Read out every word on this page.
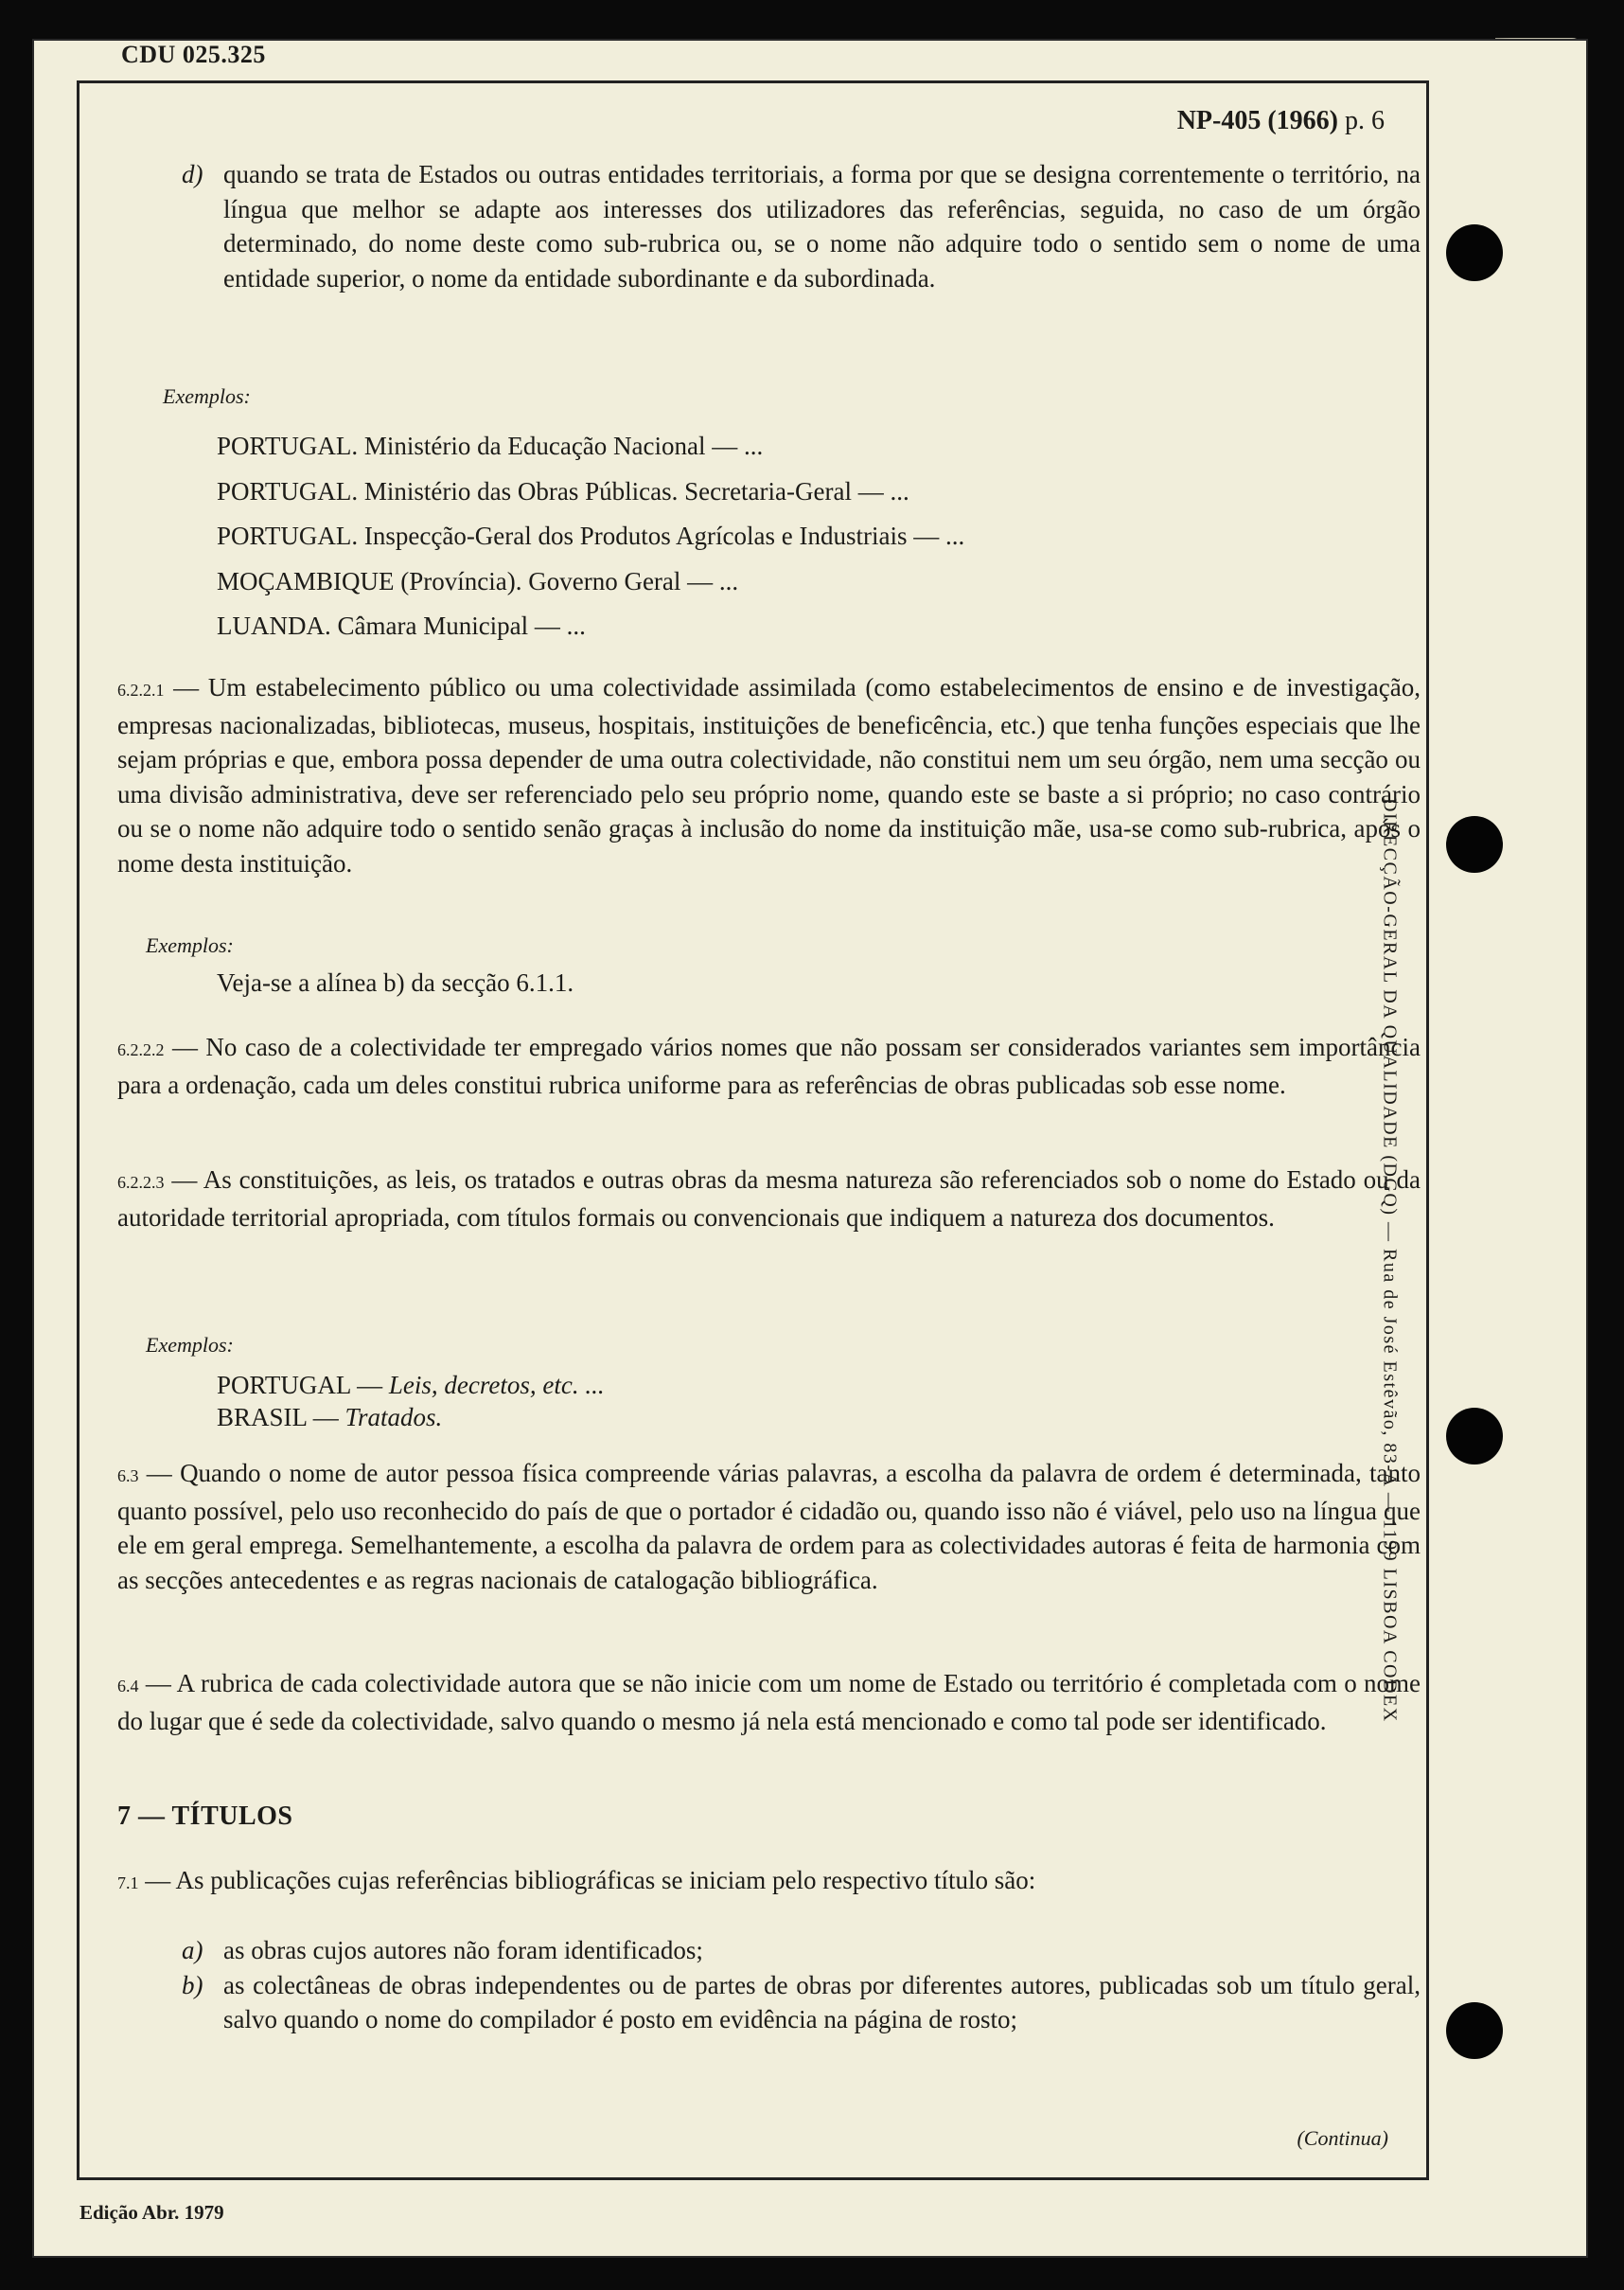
CDU 025.325
NP-405 (1966) p. 6
d) quando se trata de Estados ou outras entidades territoriais, a forma por que se designa correntemente o território, na língua que melhor se adapte aos interesses dos utilizadores das referências, seguida, no caso de um órgão determinado, do nome deste como sub-rubrica ou, se o nome não adquire todo o sentido sem o nome de uma entidade superior, o nome da entidade subordinante e da subordinada.

Exemplos:
PORTUGAL. Ministério da Educação Nacional — ...
PORTUGAL. Ministério das Obras Públicas. Secretaria-Geral — ...
PORTUGAL. Inspecção-Geral dos Produtos Agrícolas e Industriais — ...
MOÇAMBIQUE (Província). Governo Geral — ...
LUANDA. Câmara Municipal — ...

6.2.2.1 — Um estabelecimento público ou uma colectividade assimilada (como estabelecimentos de ensino e de investigação, empresas nacionalizadas, bibliotecas, museus, hospitais, instituições de beneficência, etc.) que tenha funções especiais que lhe sejam próprias e que, embora possa depender de uma outra colectividade, não constitui nem um seu órgão, nem uma secção ou uma divisão administrativa, deve ser referenciado pelo seu próprio nome, quando este se baste a si próprio; no caso contrário ou se o nome não adquire todo o sentido senão graças à inclusão do nome da instituição mãe, usa-se como sub-rubrica, após o nome desta instituição.

Exemplos:
Veja-se a alínea b) da secção 6.1.1.

6.2.2.2 — No caso de a colectividade ter empregado vários nomes que não possam ser considerados variantes sem importância para a ordenação, cada um deles constitui rubrica uniforme para as referências de obras publicadas sob esse nome.

6.2.2.3 — As constituições, as leis, os tratados e outras obras da mesma natureza são referenciados sob o nome do Estado ou da autoridade territorial apropriada, com títulos formais ou convencionais que indiquem a natureza dos documentos.

Exemplos:
PORTUGAL — Leis, decretos, etc. ...
BRASIL — Tratados.

6.3 — Quando o nome de autor pessoa física compreende várias palavras, a escolha da palavra de ordem é determinada, tanto quanto possível, pelo uso reconhecido do país de que o portador é cidadão ou, quando isso não é viável, pelo uso na língua que ele em geral emprega. Semelhantemente, a escolha da palavra de ordem para as colectividades autoras é feita de harmonia com as secções antecedentes e as regras nacionais de catalogação bibliográfica.

6.4 — A rubrica de cada colectividade autora que se não inicie com um nome de Estado ou território é completada com o nome do lugar que é sede da colectividade, salvo quando o mesmo já nela está mencionado e como tal pode ser identificado.

7 — TÍTULOS

7.1 — As publicações cujas referências bibliográficas se iniciam pelo respectivo título são:

a) as obras cujos autores não foram identificados;

b) as colectâneas de obras independentes ou de partes de obras por diferentes autores, publicadas sob um título geral, salvo quando o nome do compilador é posto em evidência na página de rosto;

(Continua)
Edição Abr. 1979
DIRECÇÃO-GERAL DA QUALIDADE (DGQ) — Rua de José Estêvão, 83-A — 1199 LISBOA CODEX
